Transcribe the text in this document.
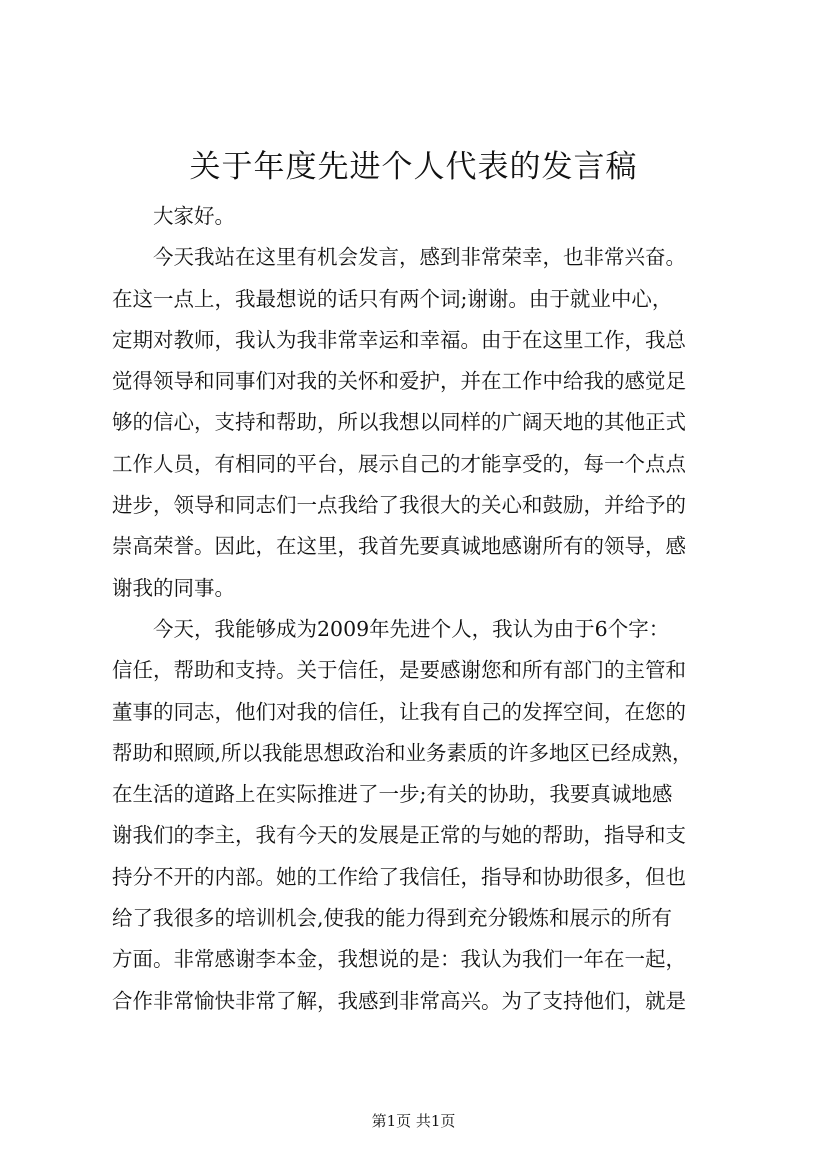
关于年度先进个人代表的发言稿
大家好。
今天我站在这里有机会发言，感到非常荣幸，也非常兴奋。
在这一点上，我最想说的话只有两个词;谢谢。由于就业中心，
定期对教师，我认为我非常幸运和幸福。由于在这里工作，我总
觉得领导和同事们对我的关怀和爱护，并在工作中给我的感觉足
够的信心，支持和帮助，所以我想以同样的广阔天地的其他正式
工作人员，有相同的平台，展示自己的才能享受的，每一个点点
进步，领导和同志们一点我给了我很大的关心和鼓励，并给予的
崇高荣誉。因此，在这里，我首先要真诚地感谢所有的领导，感
谢我的同事。
今天，我能够成为2009年先进个人，我认为由于6个字：
信任，帮助和支持。关于信任，是要感谢您和所有部门的主管和
董事的同志，他们对我的信任，让我有自己的发挥空间，在您的
帮助和照顾,所以我能思想政治和业务素质的许多地区已经成熟，
在生活的道路上在实际推进了一步;有关的协助，我要真诚地感
谢我们的李主，我有今天的发展是正常的与她的帮助，指导和支
持分不开的内部。她的工作给了我信任，指导和协助很多，但也
给了我很多的培训机会,使我的能力得到充分锻炼和展示的所有
方面。非常感谢李本金，我想说的是：我认为我们一年在一起，
合作非常愉快非常了解，我感到非常高兴。为了支持他们，就是
第1页 共1页
